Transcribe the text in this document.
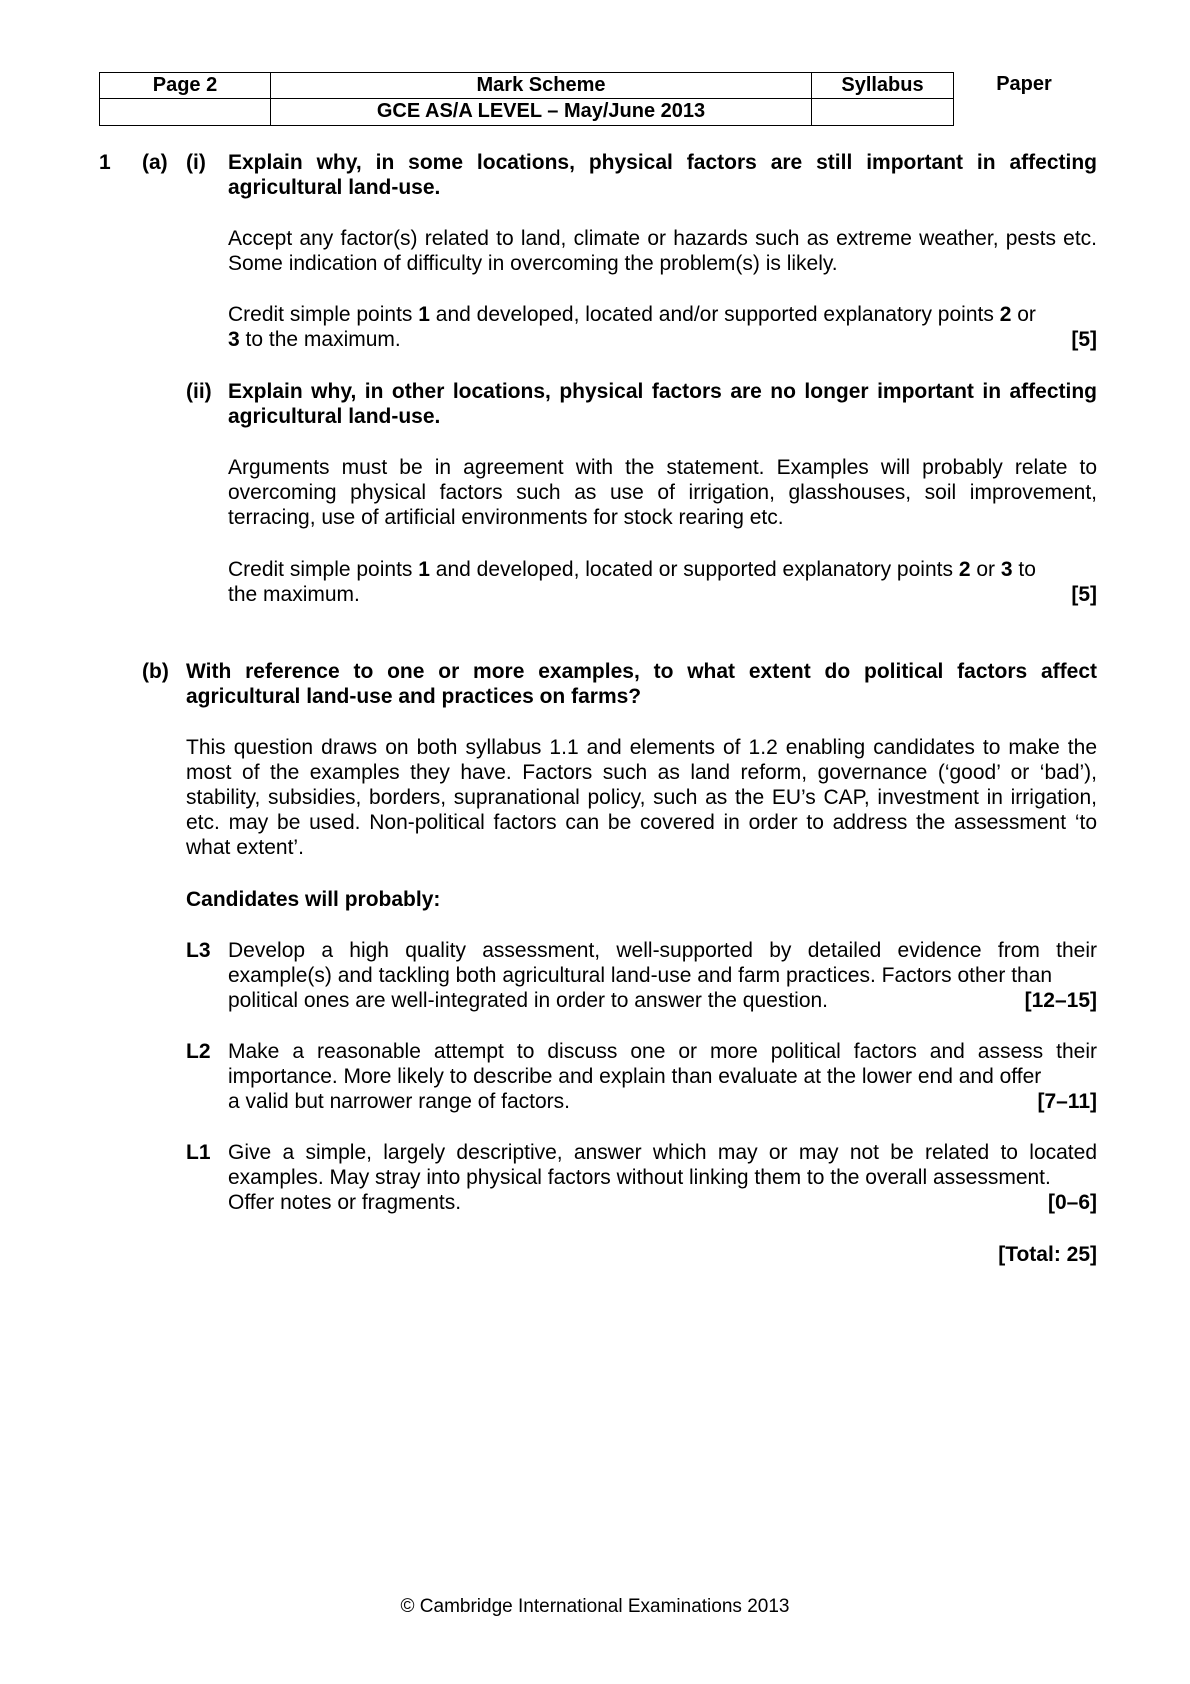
Page 2	Mark Scheme	Syllabus	Paper
GCE AS/A LEVEL – May/June 2013
1 (a) (i) Explain why, in some locations, physical factors are still important in affecting agricultural land-use.
Accept any factor(s) related to land, climate or hazards such as extreme weather, pests etc. Some indication of difficulty in overcoming the problem(s) is likely.
Credit simple points 1 and developed, located and/or supported explanatory points 2 or
3 to the maximum.	[5]
(ii) Explain why, in other locations, physical factors are no longer important in affecting agricultural land-use.
Arguments must be in agreement with the statement. Examples will probably relate to overcoming physical factors such as use of irrigation, glasshouses, soil improvement, terracing, use of artificial environments for stock rearing etc.
Credit simple points 1 and developed, located or supported explanatory points 2 or 3 to
the maximum.	[5]
(b) With reference to one or more examples, to what extent do political factors affect agricultural land-use and practices on farms?
This question draws on both syllabus 1.1 and elements of 1.2 enabling candidates to make the most of the examples they have. Factors such as land reform, governance (‘good’ or ‘bad’), stability, subsidies, borders, supranational policy, such as the EU’s CAP, investment in irrigation, etc. may be used. Non-political factors can be covered in order to address the assessment ‘to what extent’.
Candidates will probably:
L3 Develop a high quality assessment, well-supported by detailed evidence from their example(s) and tackling both agricultural land-use and farm practices. Factors other than
political ones are well-integrated in order to answer the question.	[12–15]
L2 Make a reasonable attempt to discuss one or more political factors and assess their importance. More likely to describe and explain than evaluate at the lower end and offer
a valid but narrower range of factors.	[7–11]
L1 Give a simple, largely descriptive, answer which may or may not be related to located examples. May stray into physical factors without linking them to the overall assessment.
Offer notes or fragments.	[0–6]
[Total: 25]
© Cambridge International Examinations 2013
